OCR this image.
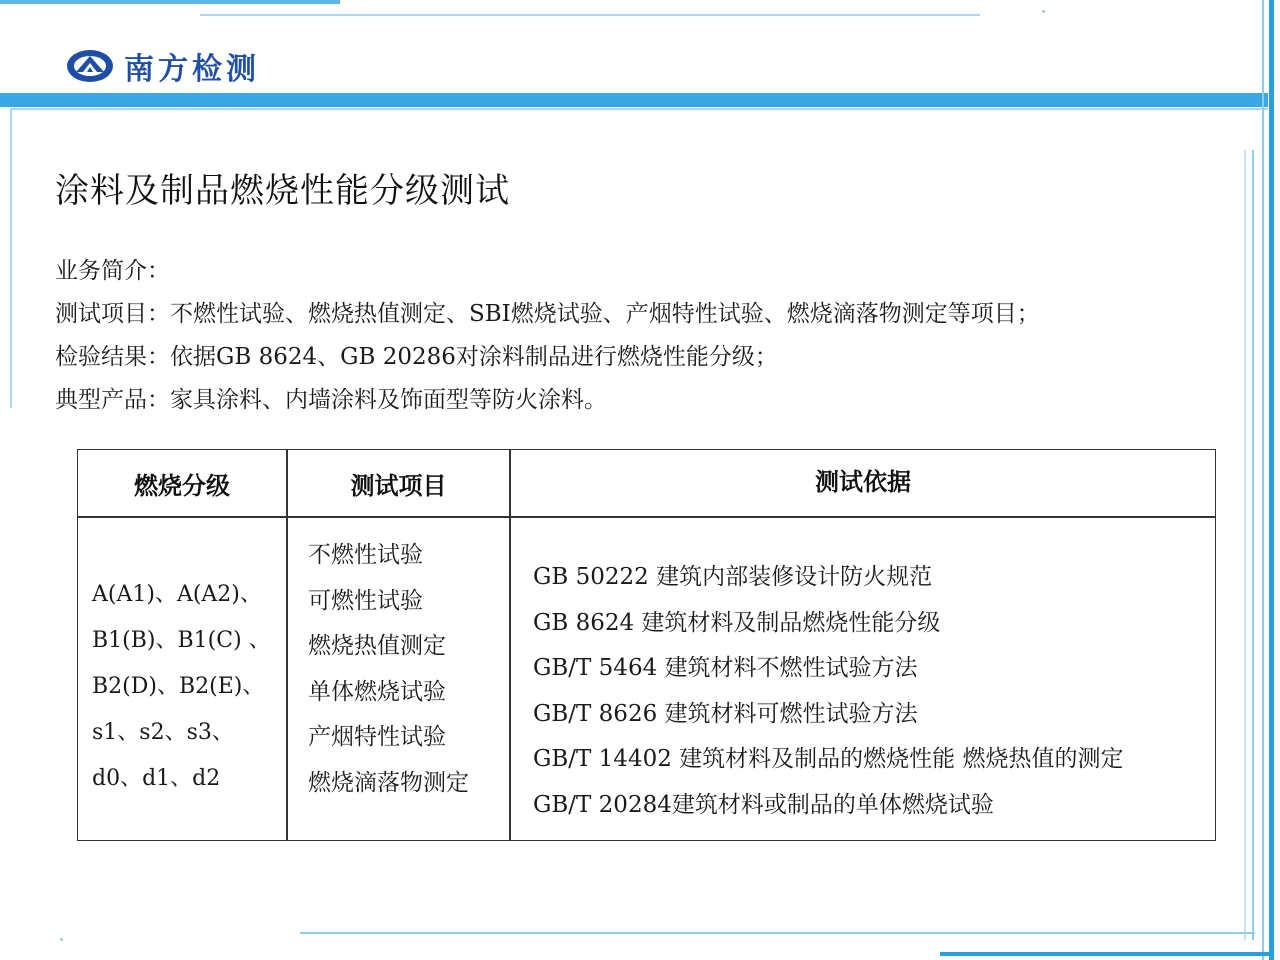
南方检测
涂料及制品燃烧性能分级测试
业务简介：
测试项目：不燃性试验、燃烧热值测定、SBI燃烧试验、产烟特性试验、燃烧滴落物测定等项目；
检验结果：依据GB 8624、GB 20286对涂料制品进行燃烧性能分级；
典型产品：家具涂料、内墙涂料及饰面型等防火涂料。
燃烧分级	测试项目	测试依据
A(A1)、A(A2)、
B1(B)、B1(C) 、
B2(D)、B2(E)、
s1、s2、s3、
d0、d1、d2
不燃性试验
可燃性试验
燃烧热值测定
单体燃烧试验
产烟特性试验
燃烧滴落物测定
GB 50222 建筑内部装修设计防火规范
GB 8624 建筑材料及制品燃烧性能分级
GB/T 5464 建筑材料不燃性试验方法
GB/T 8626 建筑材料可燃性试验方法
GB/T 14402 建筑材料及制品的燃烧性能 燃烧热值的测定
GB/T 20284建筑材料或制品的单体燃烧试验
